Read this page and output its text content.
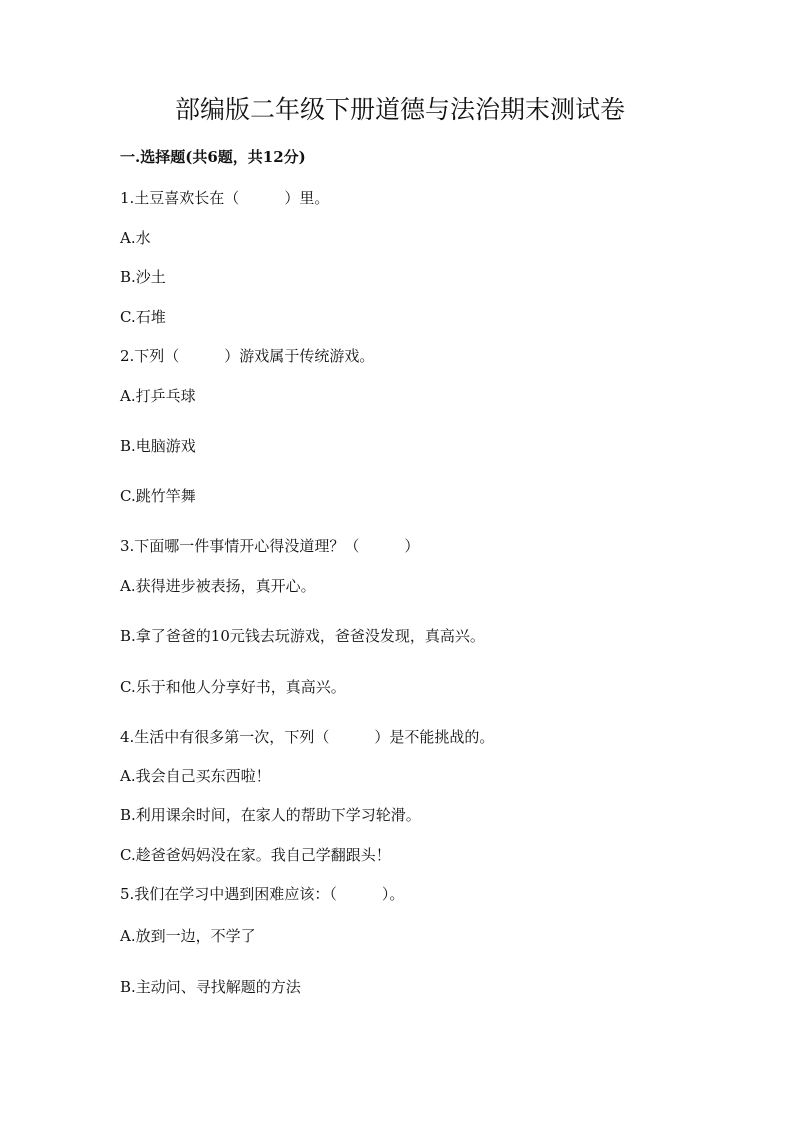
部编版二年级下册道德与法治期末测试卷
一.选择题(共6题，共12分)
1.土豆喜欢长在（　　　）里。
A.水
B.沙土
C.石堆
2.下列（　　　）游戏属于传统游戏。
A.打乒乓球
B.电脑游戏
C.跳竹竿舞
3.下面哪一件事情开心得没道理？（　　　）
A.获得进步被表扬，真开心。
B.拿了爸爸的10元钱去玩游戏，爸爸没发现，真高兴。
C.乐于和他人分享好书，真高兴。
4.生活中有很多第一次，下列（　　　）是不能挑战的。
A.我会自己买东西啦！
B.利用课余时间，在家人的帮助下学习轮滑。
C.趁爸爸妈妈没在家。我自己学翻跟头！
5.我们在学习中遇到困难应该：（　　　）。
A.放到一边，不学了
B.主动问、寻找解题的方法
